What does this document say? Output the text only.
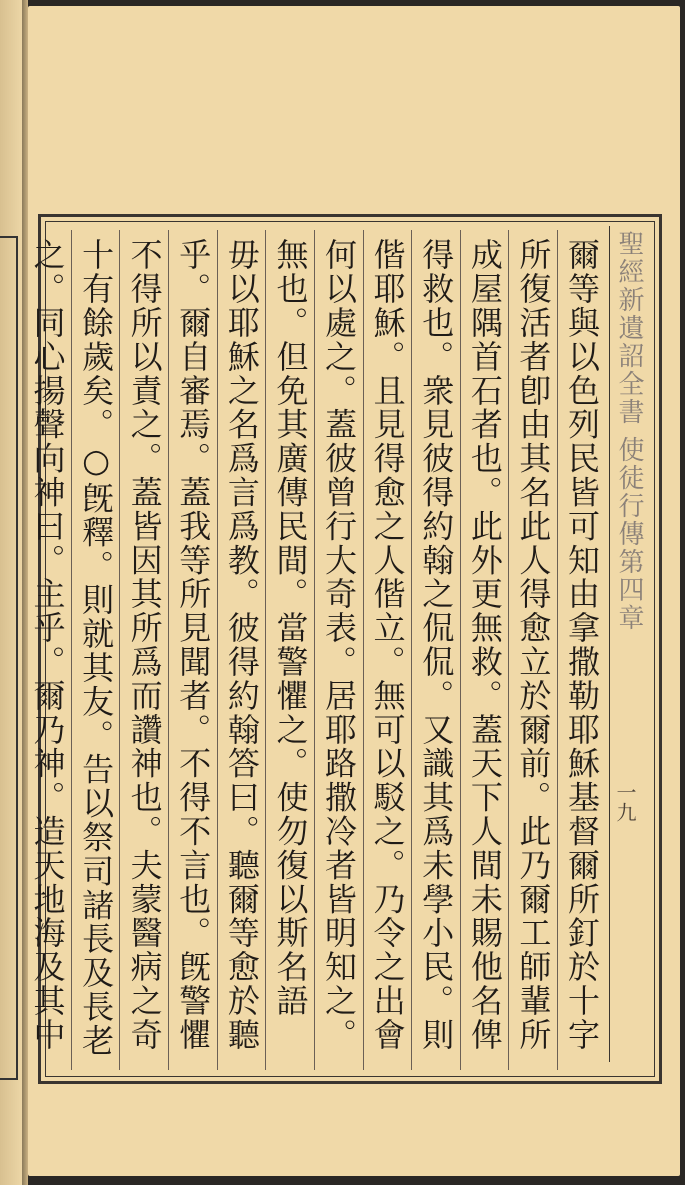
聖經新遺詔全書 使徒行傳第四章
一九
爾等與以色列民皆可知由拿撒勒耶穌基督爾所釘於十字
所復活者卽由其名此人得愈立於爾前。此乃爾工師輩所
成屋隅首石者也。此外更無救。蓋天下人間未賜他名俾
得救也。衆見彼得約翰之侃侃。又識其爲未學小民。則
偕耶穌。且見得愈之人偕立。無可以駁之。乃令之出會
何以處之。蓋彼曾行大奇表。居耶路撒冷者皆明知之。
無也。但免其廣傳民間。當警懼之。使勿復以斯名語
毋以耶穌之名爲言爲教。彼得約翰答曰。聽爾等愈於聽
乎。爾自審焉。蓋我等所見聞者。不得不言也。旣警懼
不得所以責之。蓋皆因其所爲而讚神也。夫蒙醫病之奇
十有餘歲矣。○旣釋。則就其友。告以祭司諸長及長老
之。同心揚聲向神曰。主乎。爾乃神。造天地海及其中
